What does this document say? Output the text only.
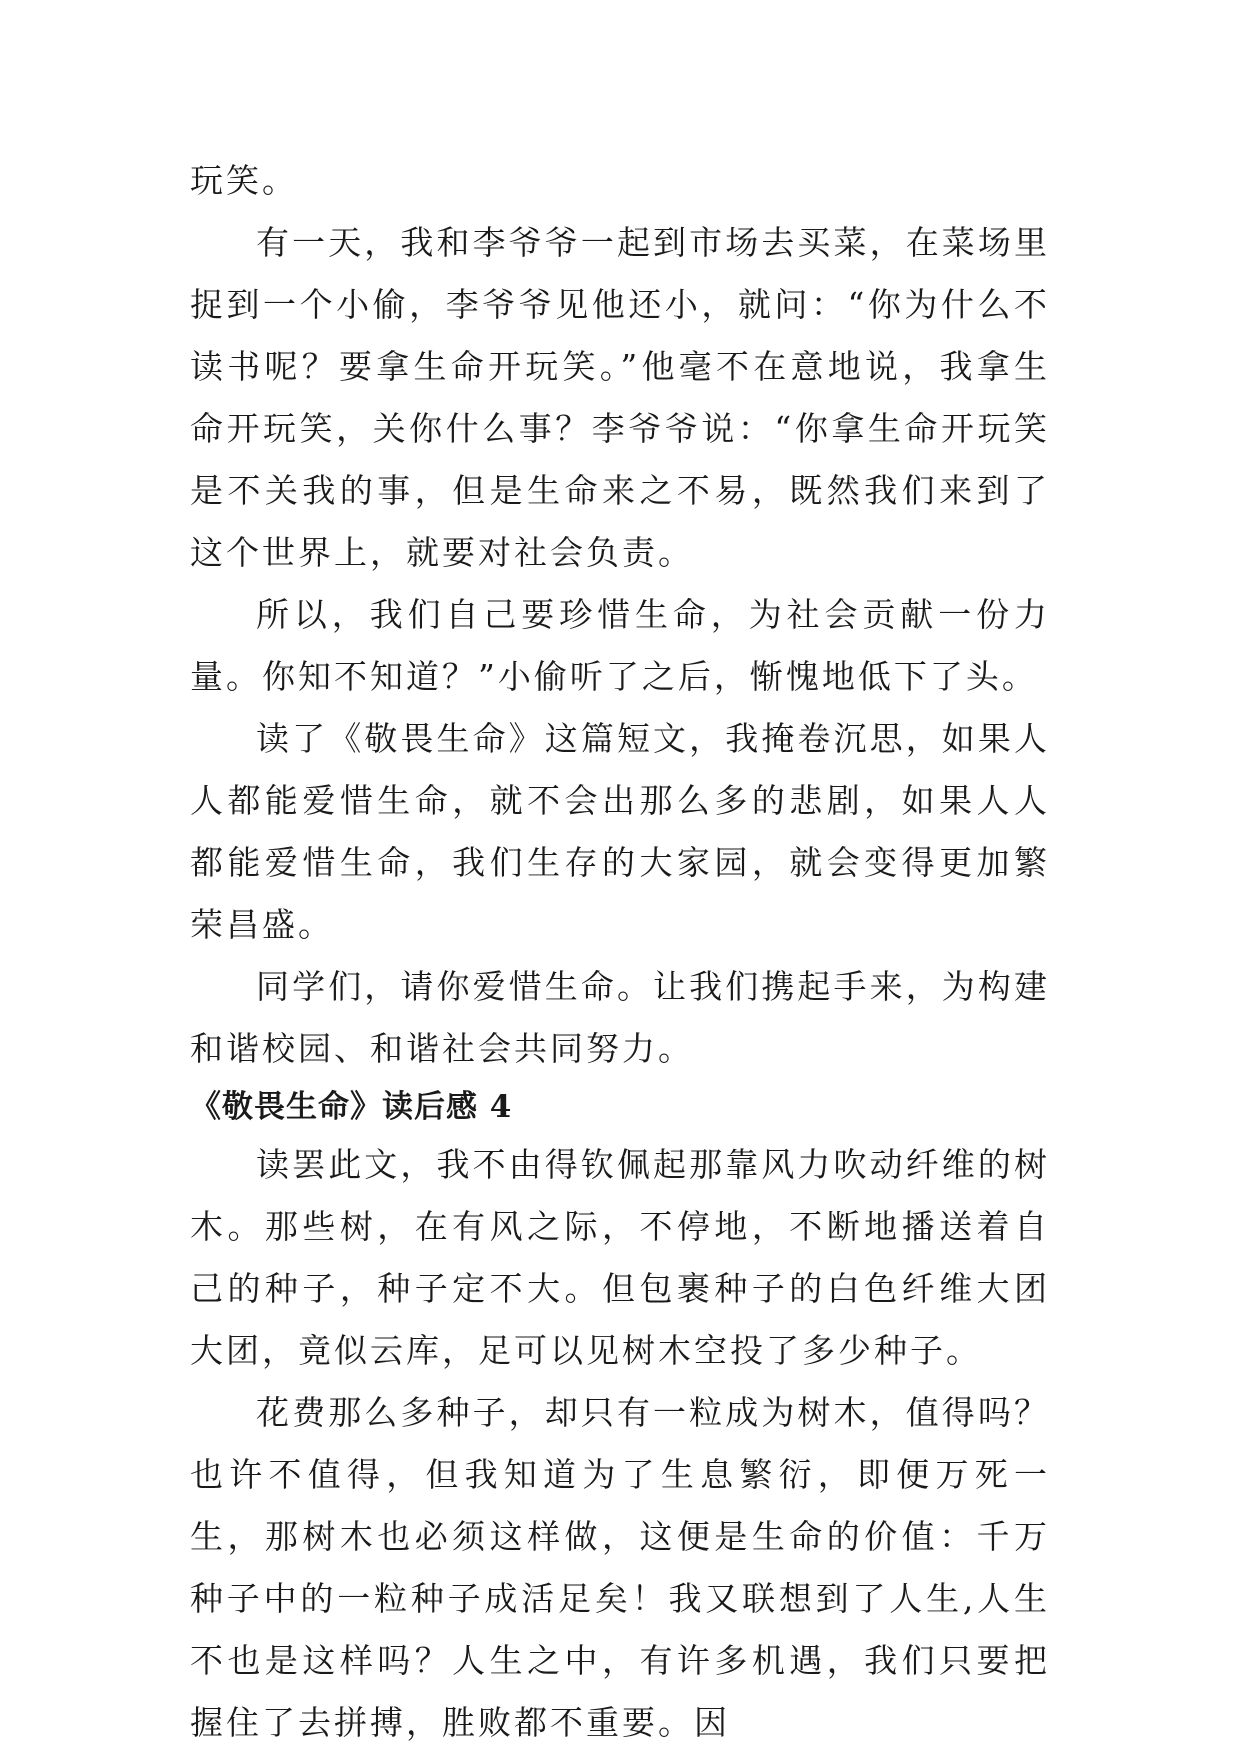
玩笑。

有一天，我和李爷爷一起到市场去买菜，在菜场里捉到一个小偷，李爷爷见他还小，就问：“你为什么不读书呢？要拿生命开玩笑。”他毫不在意地说，我拿生命开玩笑，关你什么事？李爷爷说：“你拿生命开玩笑是不关我的事，但是生命来之不易，既然我们来到了这个世界上，就要对社会负责。

所以，我们自己要珍惜生命，为社会贡献一份力量。你知不知道？”小偷听了之后，惭愧地低下了头。

读了《敬畏生命》这篇短文，我掩卷沉思，如果人人都能爱惜生命，就不会出那么多的悲剧，如果人人都能爱惜生命，我们生存的大家园，就会变得更加繁荣昌盛。

同学们，请你爱惜生命。让我们携起手来，为构建和谐校园、和谐社会共同努力。

《敬畏生命》读后感 4

读罢此文，我不由得钦佩起那靠风力吹动纤维的树木。那些树，在有风之际，不停地，不断地播送着自己的种子，种子定不大。但包裹种子的白色纤维大团大团，竟似云库，足可以见树木空投了多少种子。

花费那么多种子，却只有一粒成为树木，值得吗？也许不值得，但我知道为了生息繁衍，即便万死一生，那树木也必须这样做，这便是生命的价值：千万种子中的一粒种子成活足矣！我又联想到了人生,人生不也是这样吗？人生之中，有许多机遇，我们只要把握住了去拼搏，胜败都不重要。因
